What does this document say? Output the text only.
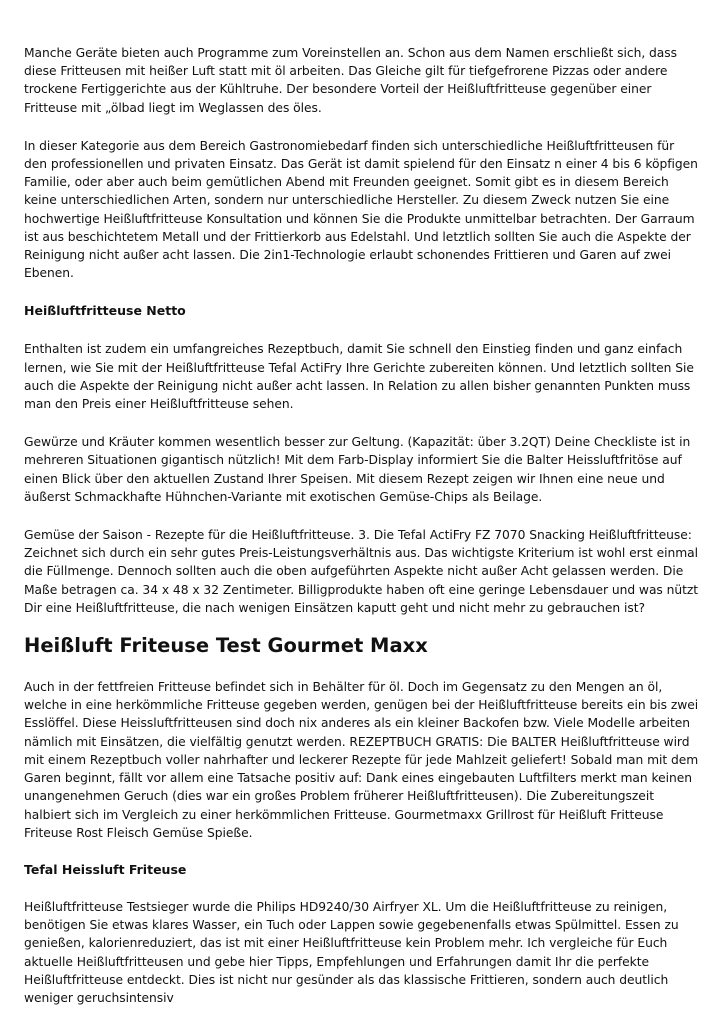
Manche Geräte bieten auch Programme zum Voreinstellen an. Schon aus dem Namen erschließt sich, dass diese Fritteusen mit heißer Luft statt mit öl arbeiten. Das Gleiche gilt für tiefgefrorene Pizzas oder andere trockene Fertiggerichte aus der Kühltruhe. Der besondere Vorteil der Heißluftfritteuse gegenüber einer Fritteuse mit „ölbad liegt im Weglassen des öles.

In dieser Kategorie aus dem Bereich Gastronomiebedarf finden sich unterschiedliche Heißluftfritteusen für den professionellen und privaten Einsatz. Das Gerät ist damit spielend für den Einsatz n einer 4 bis 6 köpfigen Familie, oder aber auch beim gemütlichen Abend mit Freunden geeignet. Somit gibt es in diesem Bereich keine unterschiedlichen Arten, sondern nur unterschiedliche Hersteller. Zu diesem Zweck nutzen Sie eine hochwertige Heißluftfritteuse Konsultation und können Sie die Produkte unmittelbar betrachten. Der Garraum ist aus beschichtetem Metall und der Frittierkorb aus Edelstahl. Und letztlich sollten Sie auch die Aspekte der Reinigung nicht außer acht lassen. Die 2in1-Technologie erlaubt schonendes Frittieren und Garen auf zwei Ebenen.

Heißluftfritteuse Netto

Enthalten ist zudem ein umfangreiches Rezeptbuch, damit Sie schnell den Einstieg finden und ganz einfach lernen, wie Sie mit der Heißluftfritteuse Tefal ActiFry Ihre Gerichte zubereiten können. Und letztlich sollten Sie auch die Aspekte der Reinigung nicht außer acht lassen. In Relation zu allen bisher genannten Punkten muss man den Preis einer Heißluftfritteuse sehen.

Gewürze und Kräuter kommen wesentlich besser zur Geltung. (Kapazität: über 3.2QT) Deine Checkliste ist in mehreren Situationen gigantisch nützlich! Mit dem Farb-Display informiert Sie die Balter Heissluftfritöse auf einen Blick über den aktuellen Zustand Ihrer Speisen. Mit diesem Rezept zeigen wir Ihnen eine neue und äußerst Schmackhafte Hühnchen-Variante mit exotischen Gemüse-Chips als Beilage.

Gemüse der Saison - Rezepte für die Heißluftfritteuse. 3. Die Tefal ActiFry FZ 7070 Snacking Heißluftfritteuse: Zeichnet sich durch ein sehr gutes Preis-Leistungsverhältnis aus. Das wichtigste Kriterium ist wohl erst einmal die Füllmenge. Dennoch sollten auch die oben aufgeführten Aspekte nicht außer Acht gelassen werden. Die Maße betragen ca. 34 x 48 x 32 Zentimeter. Billigprodukte haben oft eine geringe Lebensdauer und was nützt Dir eine Heißluftfritteuse, die nach wenigen Einsätzen kaputt geht und nicht mehr zu gebrauchen ist?

Heißluft Friteuse Test Gourmet Maxx

Auch in der fettfreien Fritteuse befindet sich in Behälter für öl. Doch im Gegensatz zu den Mengen an öl, welche in eine herkömmliche Fritteuse gegeben werden, genügen bei der Heißluftfritteuse bereits ein bis zwei Esslöffel. Diese Heissluftfritteusen sind doch nix anderes als ein kleiner Backofen bzw. Viele Modelle arbeiten nämlich mit Einsätzen, die vielfältig genutzt werden. REZEPTBUCH GRATIS: Die BALTER Heißluftfritteuse wird mit einem Rezeptbuch voller nahrhafter und leckerer Rezepte für jede Mahlzeit geliefert! Sobald man mit dem Garen beginnt, fällt vor allem eine Tatsache positiv auf: Dank eines eingebauten Luftfilters merkt man keinen unangenehmen Geruch (dies war ein großes Problem früherer Heißluftfritteusen). Die Zubereitungszeit halbiert sich im Vergleich zu einer herkömmlichen Fritteuse. Gourmetmaxx Grillrost für Heißluft Fritteuse Friteuse Rost Fleisch Gemüse Spieße.

Tefal Heissluft Friteuse

Heißluftfritteuse Testsieger wurde die Philips HD9240/30 Airfryer XL. Um die Heißluftfritteuse zu reinigen, benötigen Sie etwas klares Wasser, ein Tuch oder Lappen sowie gegebenenfalls etwas Spülmittel. Essen zu genießen, kalorienreduziert, das ist mit einer Heißluftfritteuse kein Problem mehr. Ich vergleiche für Euch aktuelle Heißluftfritteusen und gebe hier Tipps, Empfehlungen und Erfahrungen damit Ihr die perfekte Heißluftfritteuse entdeckt. Dies ist nicht nur gesünder als das klassische Frittieren, sondern auch deutlich weniger geruchsintensiv
